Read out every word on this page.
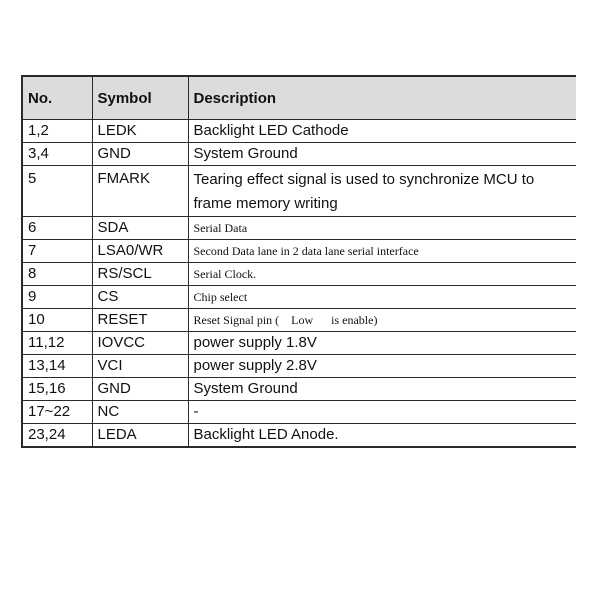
No.	Symbol	Description
1,2	LEDK	Backlight LED Cathode
3,4	GND	System Ground
5	FMARK	Tearing effect signal is used to synchronize MCU to frame memory writing
6	SDA	Serial Data
7	LSA0/WR	Second Data lane in 2 data lane serial interface
8	RS/SCL	Serial Clock.
9	CS	Chip select
10	RESET	Reset Signal pin (    Low      is enable)
11,12	IOVCC	power supply 1.8V
13,14	VCI	power supply 2.8V
15,16	GND	System Ground
17~22	NC	-
23,24	LEDA	Backlight LED Anode.
